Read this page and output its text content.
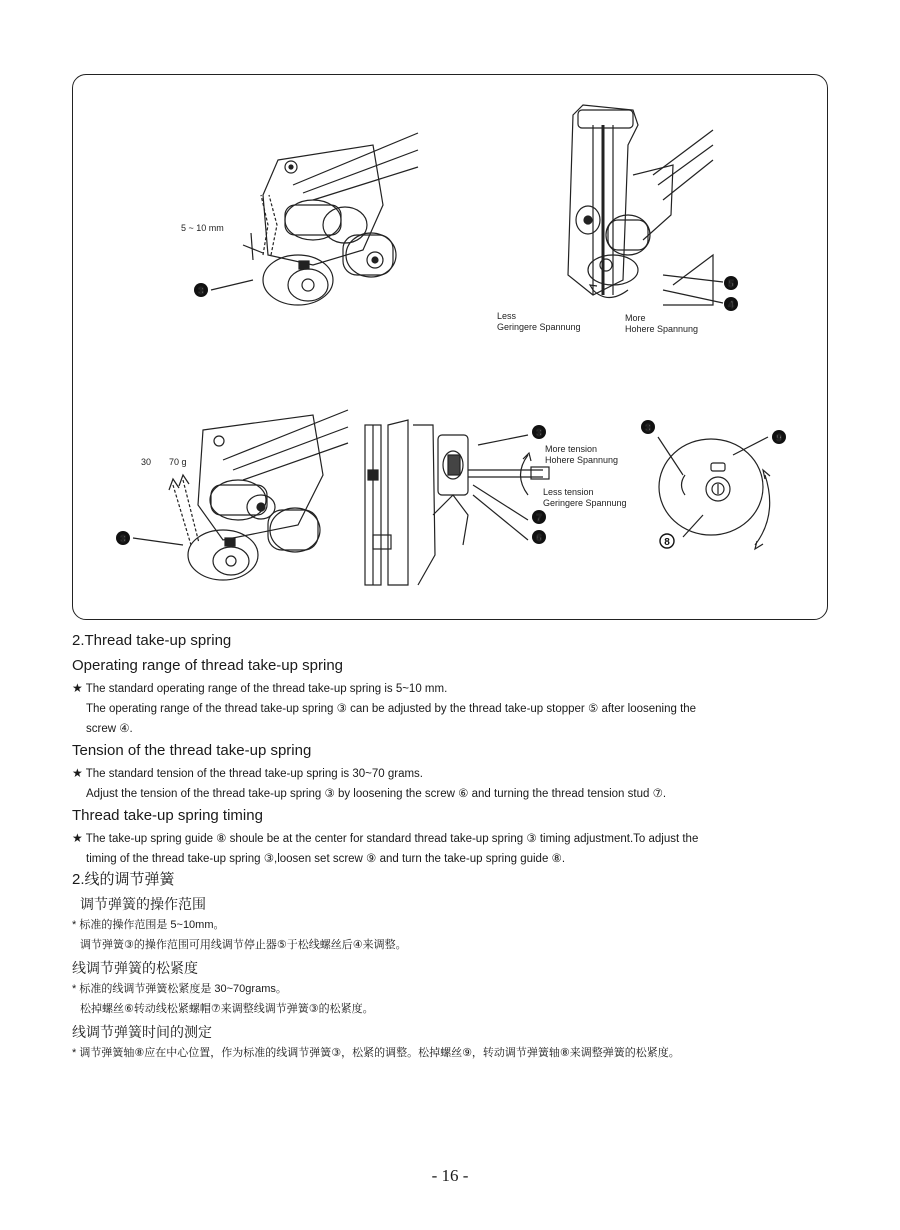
3
5 ~ 10 mm
5
4
Less
Geringere Spannung
More
Hohere Spannung
3
30 70 g
3
7
6
More tension
Hohere Spannung
Less tension
Geringere Spannung
3
9
8
2.Thread take-up spring
Operating range of thread take-up spring

★ The standard operating range of the thread take-up spring is 5~10 mm.

The operating range of the thread take-up spring ③ can be adjusted by the thread take-up stopper ⑤ after loosening the

screw ④.

Tension of the thread take-up spring

★ The standard tension of the thread take-up spring is 30~70 grams.

Adjust the tension of the thread take-up spring ③ by loosening the screw ⑥ and turning the thread tension stud ⑦.

Thread take-up spring timing

★ The take-up spring guide ⑧ shoule be at the center for standard thread take-up spring ③ timing adjustment.To adjust the

timing of the thread take-up spring ③,loosen set screw ⑨ and turn the take-up spring guide ⑧.

2.线的调节弹簧
调节弹簧的操作范围

* 标准的操作范围是 5~10mm。

调节弹簧③的操作范围可用线调节停止器⑤于松线螺丝后④来调整。

线调节弹簧的松紧度

* 标准的线调节弹簧松紧度是 30~70grams。

松掉螺丝⑥转动线松紧螺帽⑦来调整线调节弹簧③的松紧度。

线调节弹簧时间的测定

* 调节弹簧轴⑧应在中心位置，作为标准的线调节弹簧③，松紧的调整。松掉螺丝⑨，转动调节弹簧轴⑧来调整弹簧的松紧度。

- 16 -
